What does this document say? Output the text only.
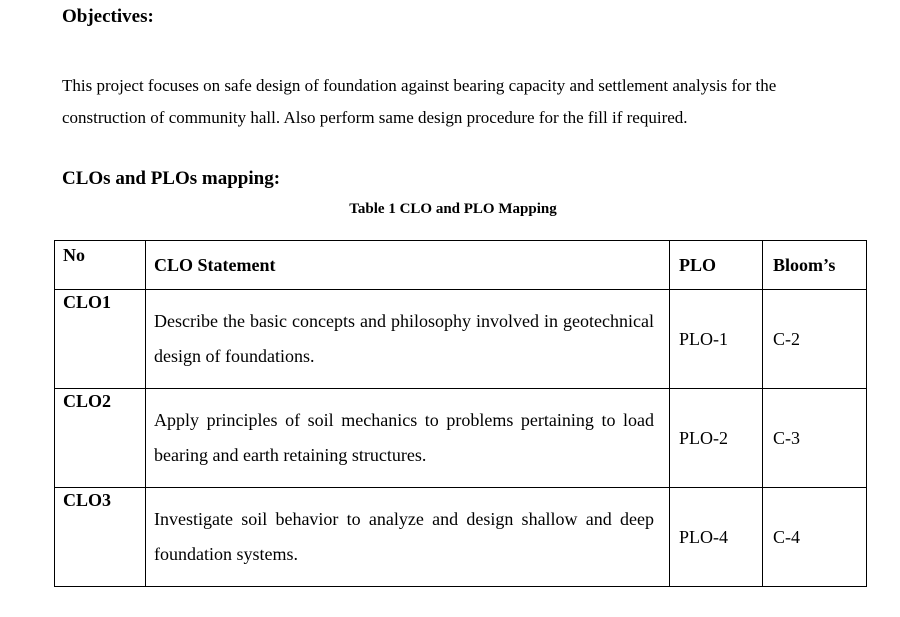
Objectives:

This project focuses on safe design of foundation against bearing capacity and settlement analysis for the construction of community hall. Also perform same design procedure for the fill if required.

CLOs and PLOs mapping:

Table 1 CLO and PLO Mapping

No	CLO Statement	PLO	Bloom’s
CLO1	Describe the basic concepts and philosophy involved in geotechnical design of foundations.	PLO-1	C-2
CLO2	Apply principles of soil mechanics to problems pertaining to load bearing and earth retaining structures.	PLO-2	C-3
CLO3	Investigate soil behavior to analyze and design shallow and deep foundation systems.	PLO-4	C-4
